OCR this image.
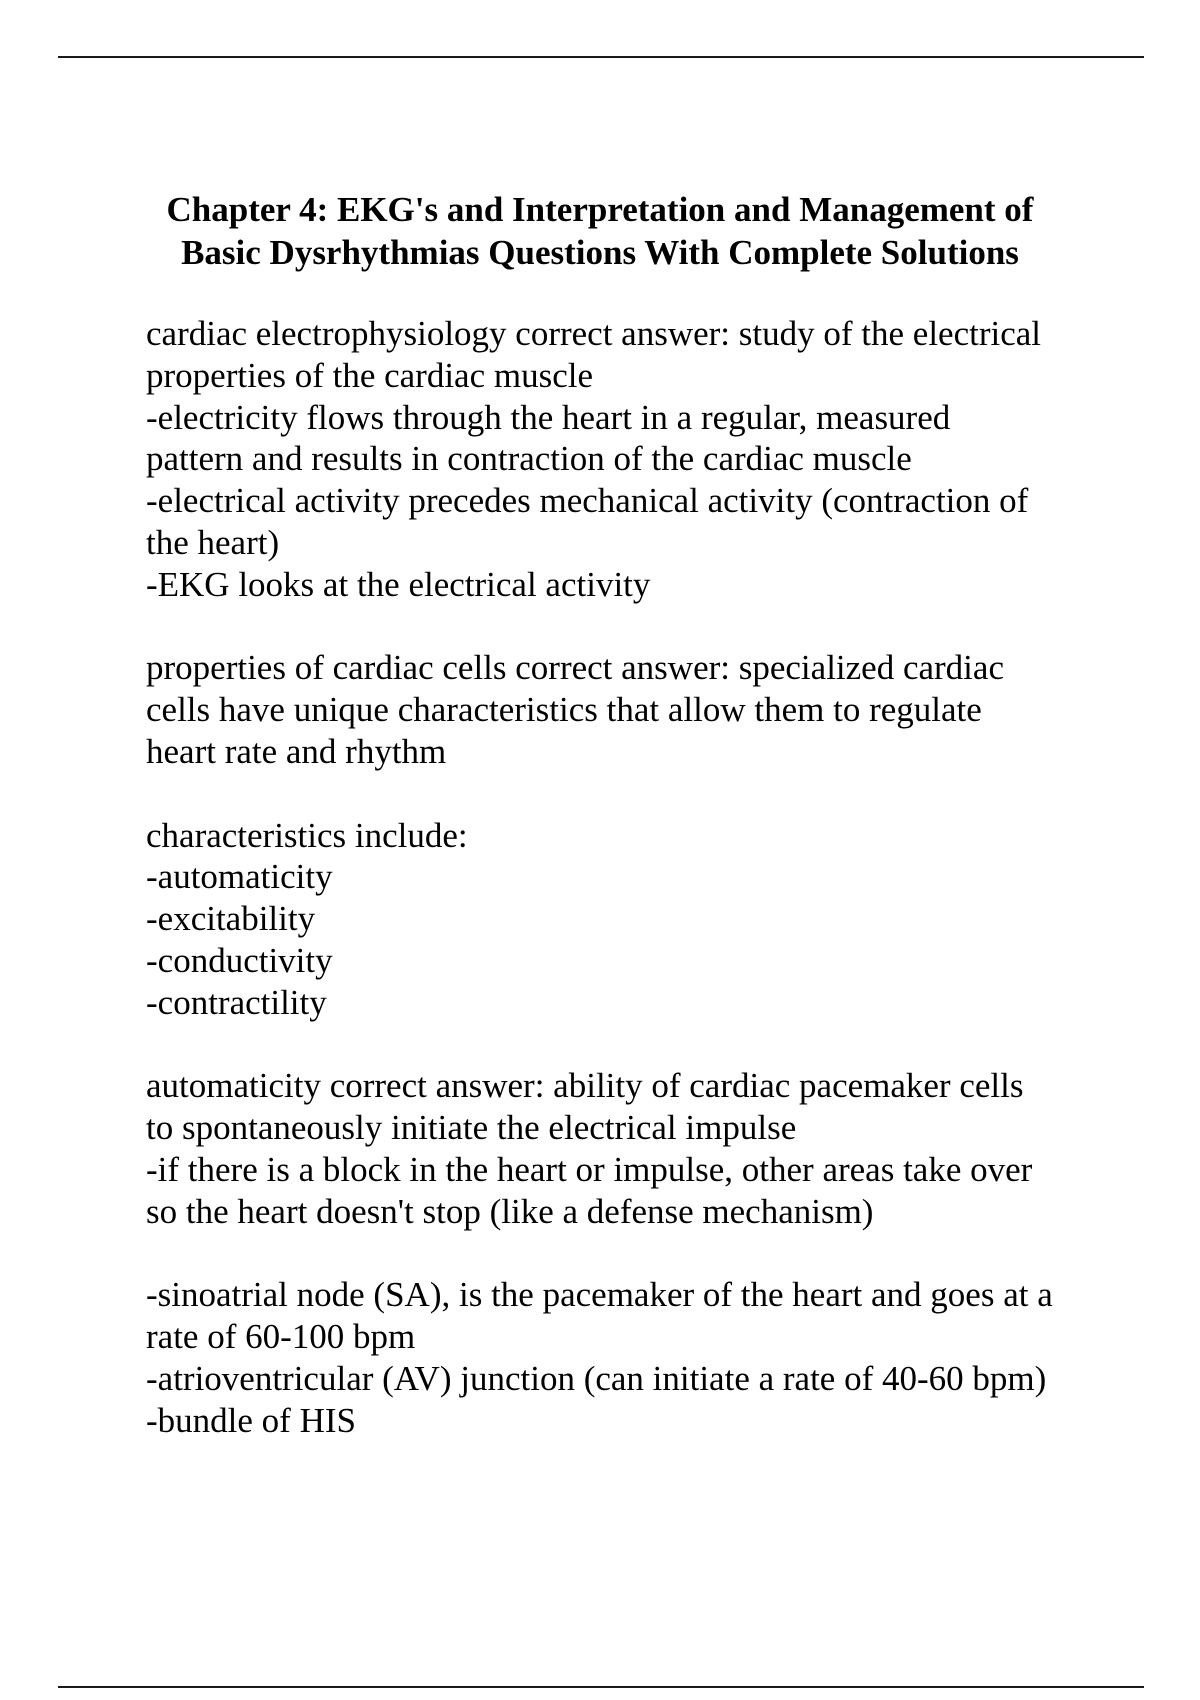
Chapter 4: EKG's and Interpretation and Management of
Basic Dysrhythmias Questions With Complete Solutions
cardiac electrophysiology correct answer: study of the electrical
properties of the cardiac muscle
-electricity flows through the heart in a regular, measured
pattern and results in contraction of the cardiac muscle
-electrical activity precedes mechanical activity (contraction of
the heart)
-EKG looks at the electrical activity
properties of cardiac cells correct answer: specialized cardiac
cells have unique characteristics that allow them to regulate
heart rate and rhythm
characteristics include:
-automaticity
-excitability
-conductivity
-contractility
automaticity correct answer: ability of cardiac pacemaker cells
to spontaneously initiate the electrical impulse
-if there is a block in the heart or impulse, other areas take over
so the heart doesn't stop (like a defense mechanism)
-sinoatrial node (SA), is the pacemaker of the heart and goes at a
rate of 60-100 bpm
-atrioventricular (AV) junction (can initiate a rate of 40-60 bpm)
-bundle of HIS
